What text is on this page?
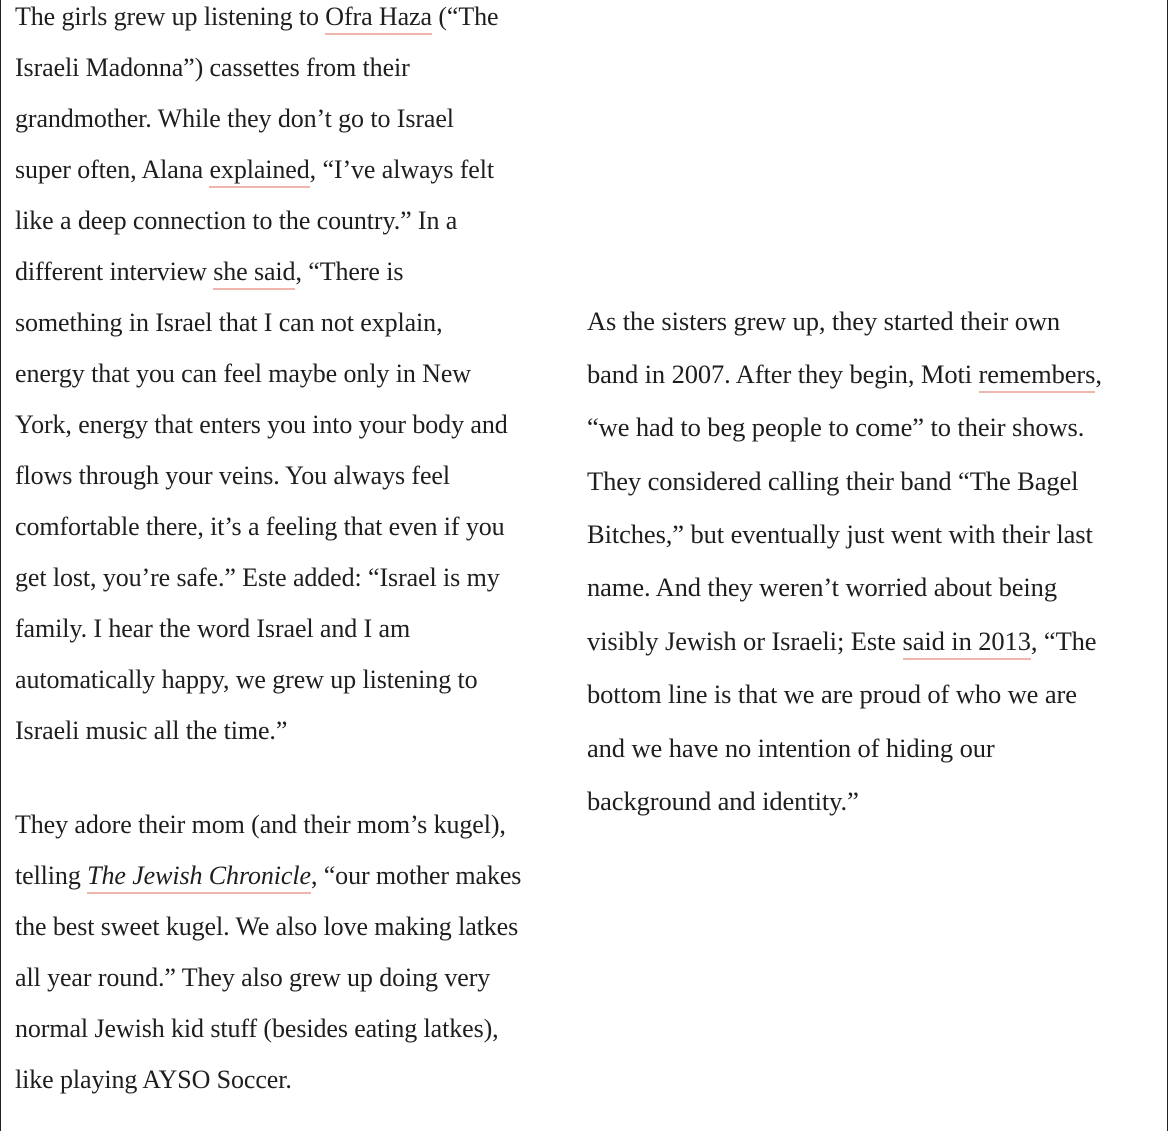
The girls grew up listening to Ofra Haza (“The
Israeli Madonna”) cassettes from their
grandmother. While they don’t go to Israel
super often, Alana explained, “I’ve always felt
like a deep connection to the country.” In a
different interview she said, “There is
something in Israel that I can not explain,
energy that you can feel maybe only in New
York, energy that enters you into your body and
flows through your veins. You always feel
comfortable there, it’s a feeling that even if you
get lost, you’re safe.” Este added: “Israel is my
family. I hear the word Israel and I am
automatically happy, we grew up listening to
Israeli music all the time.”
They adore their mom (and their mom’s kugel),
telling The Jewish Chronicle, “our mother makes
the best sweet kugel. We also love making latkes
all year round.” They also grew up doing very
normal Jewish kid stuff (besides eating latkes),
like playing AYSO Soccer.
As the sisters grew up, they started their own
band in 2007. After they begin, Moti remembers,
“we had to beg people to come” to their shows.
They considered calling their band “The Bagel
Bitches,” but eventually just went with their last
name. And they weren’t worried about being
visibly Jewish or Israeli; Este said in 2013, “The
bottom line is that we are proud of who we are
and we have no intention of hiding our
background and identity.”
